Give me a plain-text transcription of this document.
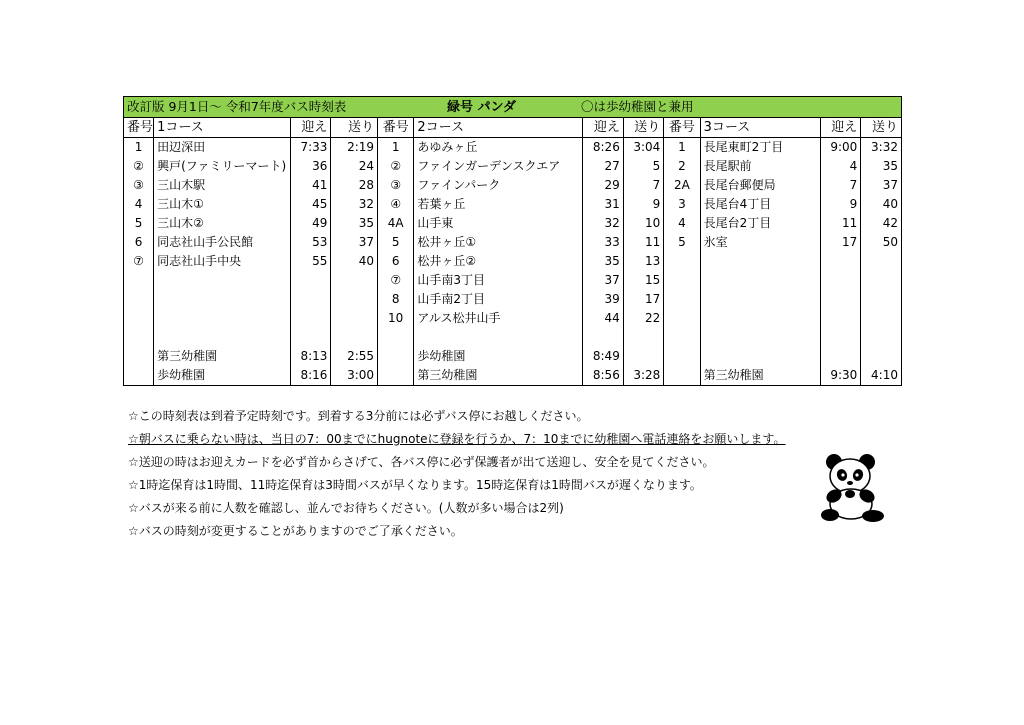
改訂版 9月1日～ 令和7年度バス時刻表 緑号 パンダ 〇は歩幼稚園と兼用											
番号	1コース	迎え	送り	番号	2コース	迎え	送り	番号	3コース	迎え	送り
1	田辺深田	7:33	2:19	1	あゆみヶ丘	8:26	3:04	1	長尾東町2丁目	9:00	3:32
②	興戸(ファミリーマート)	36	24	②	ファインガーデンスクエア	27	5	2	長尾駅前	4	35
③	三山木駅	41	28	③	ファインパーク	29	7	2A	長尾台郵便局	7	37
4	三山木①	45	32	④	若葉ヶ丘	31	9	3	長尾台4丁目	9	40
5	三山木②	49	35	4A	山手東	32	10	4	長尾台2丁目	11	42
6	同志社山手公民館	53	37	5	松井ヶ丘①	33	11	5	氷室	17	50
⑦	同志社山手中央	55	40	6	松井ヶ丘②	35	13				
				⑦	山手南3丁目	37	15				
				8	山手南2丁目	39	17				
				10	アルス松井山手	44	22				

	第三幼稚園	8:13	2:55		歩幼稚園	8:49					
	歩幼稚園	8:16	3:00		第三幼稚園	8:56	3:28		第三幼稚園	9:30	4:10
☆この時刻表は到着予定時刻です。到着する3分前には必ずバス停にお越しください。
☆朝バスに乗らない時は、当日の7：00までにhugnoteに登録を行うか、7：10までに幼稚園へ電話連絡をお願いします。
☆送迎の時はお迎えカードを必ず首からさげて、各バス停に必ず保護者が出て送迎し、安全を見てください。
☆1時迄保育は1時間、11時迄保育は3時間バスが早くなります。15時迄保育は1時間バスが遅くなります。
☆バスが来る前に人数を確認し、並んでお待ちください。(人数が多い場合は2列)
☆バスの時刻が変更することがありますのでご了承ください。
